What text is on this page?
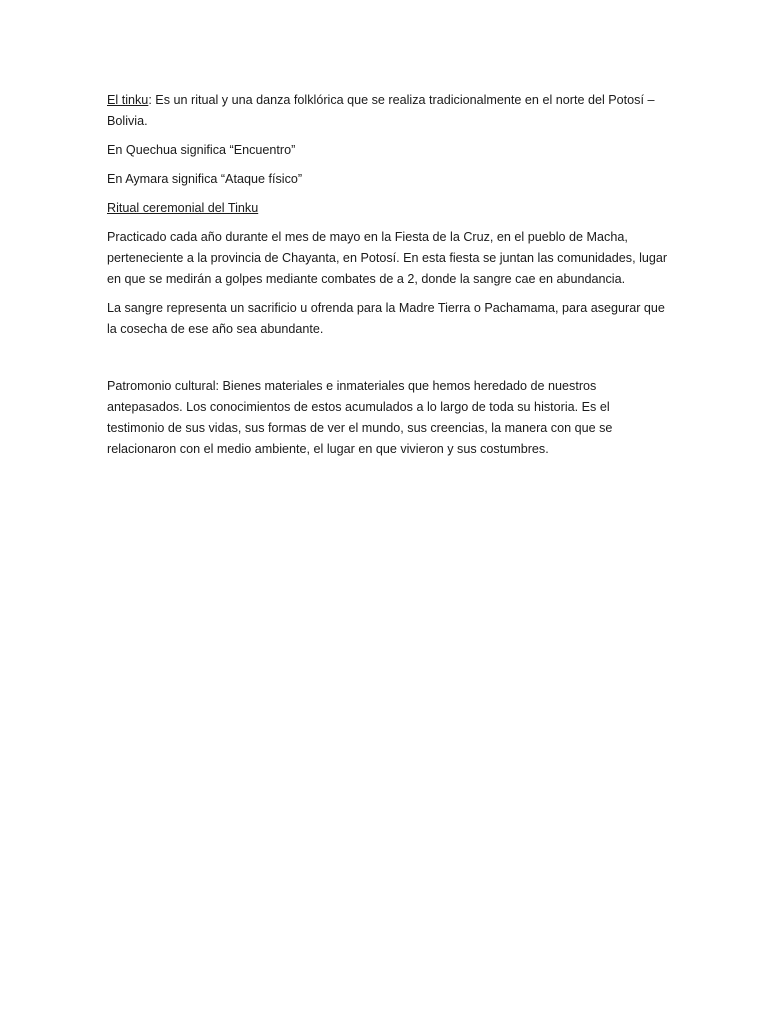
El tinku: Es un ritual y una danza folklórica que se realiza tradicionalmente en el norte del Potosí – Bolivia.

En Quechua significa “Encuentro”

En Aymara significa “Ataque físico”

Ritual ceremonial del Tinku

Practicado cada año durante el mes de mayo en la Fiesta de la Cruz, en el pueblo de Macha, perteneciente a la provincia de Chayanta, en Potosí. En esta fiesta se juntan las comunidades, lugar en que se medirán a golpes mediante combates de a 2, donde la sangre cae en abundancia.

La sangre representa un sacrificio u ofrenda para la Madre Tierra o Pachamama, para asegurar que la cosecha de ese año sea abundante.

Patromonio cultural: Bienes materiales e inmateriales que hemos heredado de nuestros antepasados. Los conocimientos de estos acumulados a lo largo de toda su historia. Es el testimonio de sus vidas, sus formas de ver el mundo, sus creencias, la manera con que se relacionaron con el medio ambiente, el lugar en que vivieron y sus costumbres.
